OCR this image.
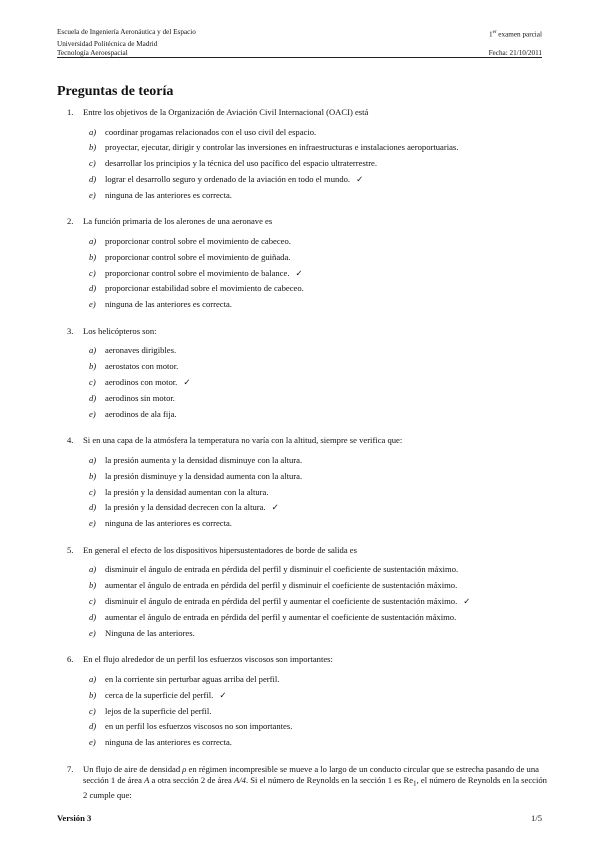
Escuela de Ingeniería Aeronáutica y del Espacio	1er examen parcial
Universidad Politécnica de Madrid
Tecnología Aeroespacial	Fecha: 21/10/2011
Preguntas de teoría
1. Entre los objetivos de la Organización de Aviación Civil Internacional (OACI) está
a) coordinar progamas relacionados con el uso civil del espacio.
b) proyectar, ejecutar, dirigir y controlar las inversiones en infraestructuras e instalaciones aeroportuarias.
c) desarrollar los principios y la técnica del uso pacífico del espacio ultraterrestre.
d) lograr el desarrollo seguro y ordenado de la aviación en todo el mundo. ✓
e) ninguna de las anteriores es correcta.
2. La función primaria de los alerones de una aeronave es
a) proporcionar control sobre el movimiento de cabeceo.
b) proporcionar control sobre el movimiento de guiñada.
c) proporcionar control sobre el movimiento de balance. ✓
d) proporcionar estabilidad sobre el movimiento de cabeceo.
e) ninguna de las anteriores es correcta.
3. Los helicópteros son:
a) aeronaves dirigibles.
b) aerostatos con motor.
c) aerodinos con motor. ✓
d) aerodinos sin motor.
e) aerodinos de ala fija.
4. Si en una capa de la atmósfera la temperatura no varía con la altitud, siempre se verifica que:
a) la presión aumenta y la densidad disminuye con la altura.
b) la presión disminuye y la densidad aumenta con la altura.
c) la presión y la densidad aumentan con la altura.
d) la presión y la densidad decrecen con la altura. ✓
e) ninguna de las anteriores es correcta.
5. En general el efecto de los dispositivos hipersustentadores de borde de salida es
a) disminuir el ángulo de entrada en pérdida del perfil y disminuir el coeficiente de sustentación máximo.
b) aumentar el ángulo de entrada en pérdida del perfil y disminuir el coeficiente de sustentación máximo.
c) disminuir el ángulo de entrada en pérdida del perfil y aumentar el coeficiente de sustentación máximo. ✓
d) aumentar el ángulo de entrada en pérdida del perfil y aumentar el coeficiente de sustentación máximo.
e) Ninguna de las anteriores.
6. En el flujo alrededor de un perfil los esfuerzos viscosos son importantes:
a) en la corriente sin perturbar aguas arriba del perfil.
b) cerca de la superficie del perfil. ✓
c) lejos de la superficie del perfil.
d) en un perfil los esfuerzos viscosos no son importantes.
e) ninguna de las anteriores es correcta.
7. Un flujo de aire de densidad ρ en régimen incompresible se mueve a lo largo de un conducto circular que se estrecha pasando de una sección 1 de área A a otra sección 2 de área A/4. Si el número de Reynolds en la sección 1 es $Re_1$, el número de Reynolds en la sección 2 cumple que:
Versión 3	1/5
